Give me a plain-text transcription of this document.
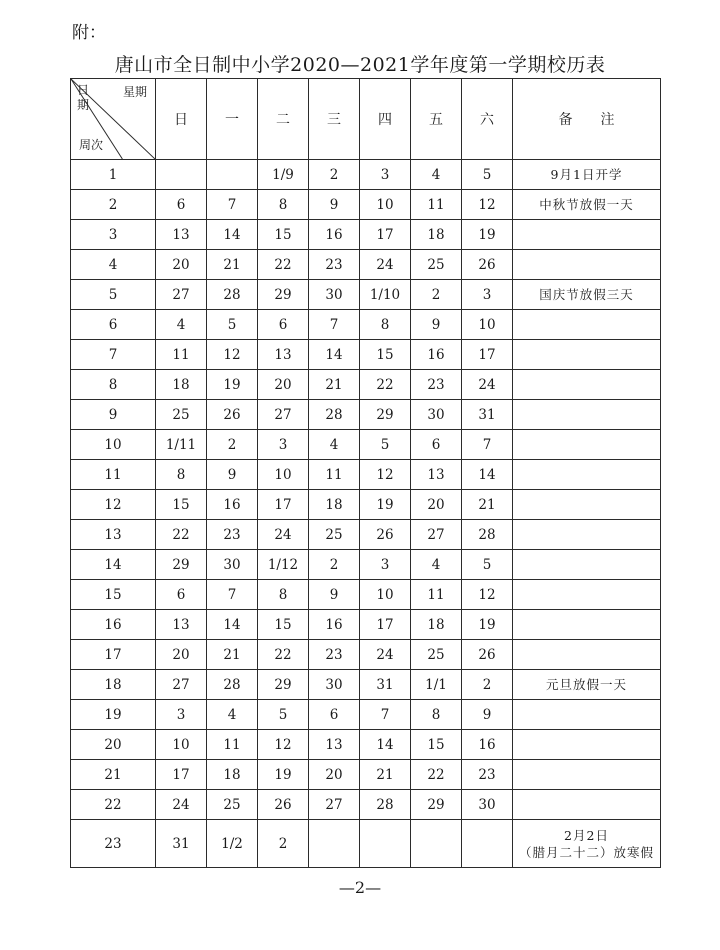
附：
唐山市全日制中小学2020—2021学年度第一学期校历表
日期
星期
周次	日	一	二	三	四	五	六	备　　注
1			1/9	2	3	4	5	9月1日开学

2	6	7	8	9	10	11	12	中秋节放假一天

3	13	14	15	16	17	18	19	
4	20	21	22	23	24	25	26	
5	27	28	29	30	1/10	2	3	国庆节放假三天

6	4	5	6	7	8	9	10	
7	11	12	13	14	15	16	17	
8	18	19	20	21	22	23	24	
9	25	26	27	28	29	30	31	
10	1/11	2	3	4	5	6	7	
11	8	9	10	11	12	13	14	
12	15	16	17	18	19	20	21	
13	22	23	24	25	26	27	28	
14	29	30	1/12	2	3	4	5	
15	6	7	8	9	10	11	12	
16	13	14	15	16	17	18	19	
17	20	21	22	23	24	25	26	
18	27	28	29	30	31	1/1	2	元旦放假一天

19	3	4	5	6	7	8	9	
20	10	11	12	13	14	15	16	
21	17	18	19	20	21	22	23	
22	24	25	26	27	28	29	30	
23	31	1/2	2					2月2日
（腊月二十二）放寒假
—2—
